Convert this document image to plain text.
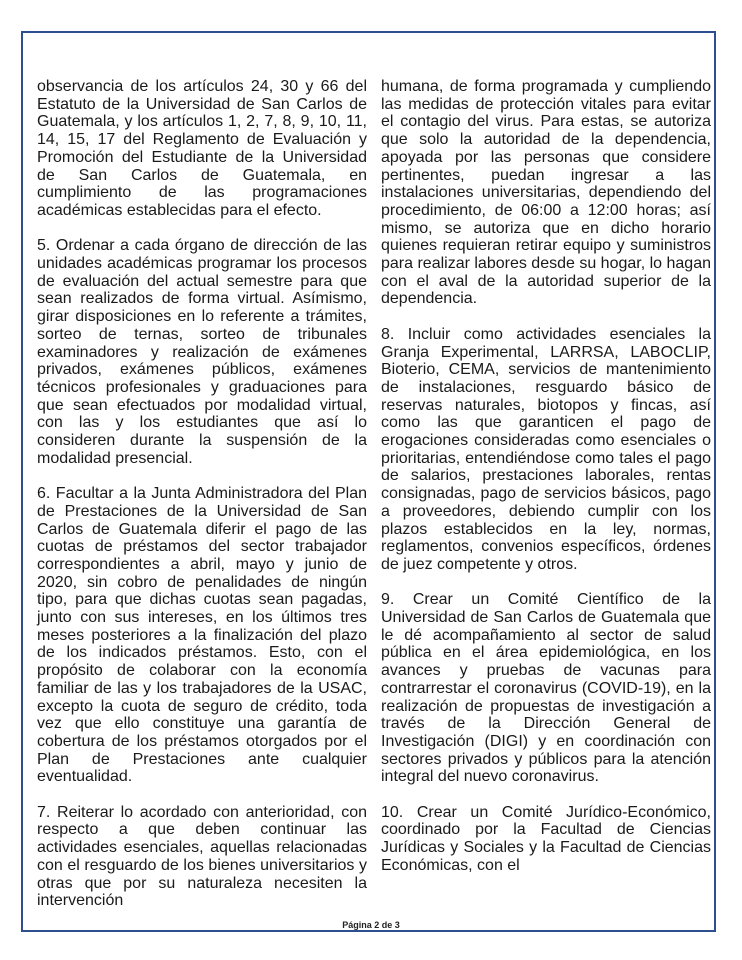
observancia de los artículos 24, 30 y 66 del Estatuto de la Universidad de San Carlos de Guatemala, y los artículos 1, 2, 7, 8, 9, 10, 11, 14, 15, 17 del Reglamento de Evaluación y Promoción del Estudiante de la Universidad de San Carlos de Guatemala, en cumplimiento de las programaciones académicas establecidas para el efecto.

5. Ordenar a cada órgano de dirección de las unidades académicas programar los procesos de evaluación del actual semestre para que sean realizados de forma virtual. Asímismo, girar disposiciones en lo referente a trámites, sorteo de ternas, sorteo de tribunales examinadores y realización de exámenes privados, exámenes públicos, exámenes técnicos profesionales y graduaciones para que sean efectuados por modalidad virtual, con las y los estudiantes que así lo consideren durante la suspensión de la modalidad presencial.

6. Facultar a la Junta Administradora del Plan de Prestaciones de la Universidad de San Carlos de Guatemala diferir el pago de las cuotas de préstamos del sector trabajador correspondientes a abril, mayo y junio de 2020, sin cobro de penalidades de ningún tipo, para que dichas cuotas sean pagadas, junto con sus intereses, en los últimos tres meses posteriores a la finalización del plazo de los indicados préstamos. Esto, con el propósito de colaborar con la economía familiar de las y los trabajadores de la USAC, excepto la cuota de seguro de crédito, toda vez que ello constituye una garantía de cobertura de los préstamos otorgados por el Plan de Prestaciones ante cualquier eventualidad.

7. Reiterar lo acordado con anterioridad, con respecto a que deben continuar las actividades esenciales, aquellas relacionadas con el resguardo de los bienes universitarios y otras que por su naturaleza necesiten la intervención

humana, de forma programada y cumpliendo las medidas de protección vitales para evitar el contagio del virus. Para estas, se autoriza que solo la autoridad de la dependencia, apoyada por las personas que considere pertinentes, puedan ingresar a las instalaciones universitarias, dependiendo del procedimiento, de 06:00 a 12:00 horas; así mismo, se autoriza que en dicho horario quienes requieran retirar equipo y suministros para realizar labores desde su hogar, lo hagan con el aval de la autoridad superior de la dependencia.

8. Incluir como actividades esenciales la Granja Experimental, LARRSA, LABOCLIP, Bioterio, CEMA, servicios de mantenimiento de instalaciones, resguardo básico de reservas naturales, biotopos y fincas, así como las que garanticen el pago de erogaciones consideradas como esenciales o prioritarias, entendiéndose como tales el pago de salarios, prestaciones laborales, rentas consignadas, pago de servicios básicos, pago a proveedores, debiendo cumplir con los plazos establecidos en la ley, normas, reglamentos, convenios específicos, órdenes de juez competente y otros.

9. Crear un Comité Científico de la Universidad de San Carlos de Guatemala que le dé acompañamiento al sector de salud pública en el área epidemiológica, en los avances y pruebas de vacunas para contrarrestar el coronavirus (COVID-19), en la realización de propuestas de investigación a través de la Dirección General de Investigación (DIGI) y en coordinación con sectores privados y públicos para la atención integral del nuevo coronavirus.

10. Crear un Comité Jurídico-Económico, coordinado por la Facultad de Ciencias Jurídicas y Sociales y la Facultad de Ciencias Económicas, con el

Página 2 de 3
